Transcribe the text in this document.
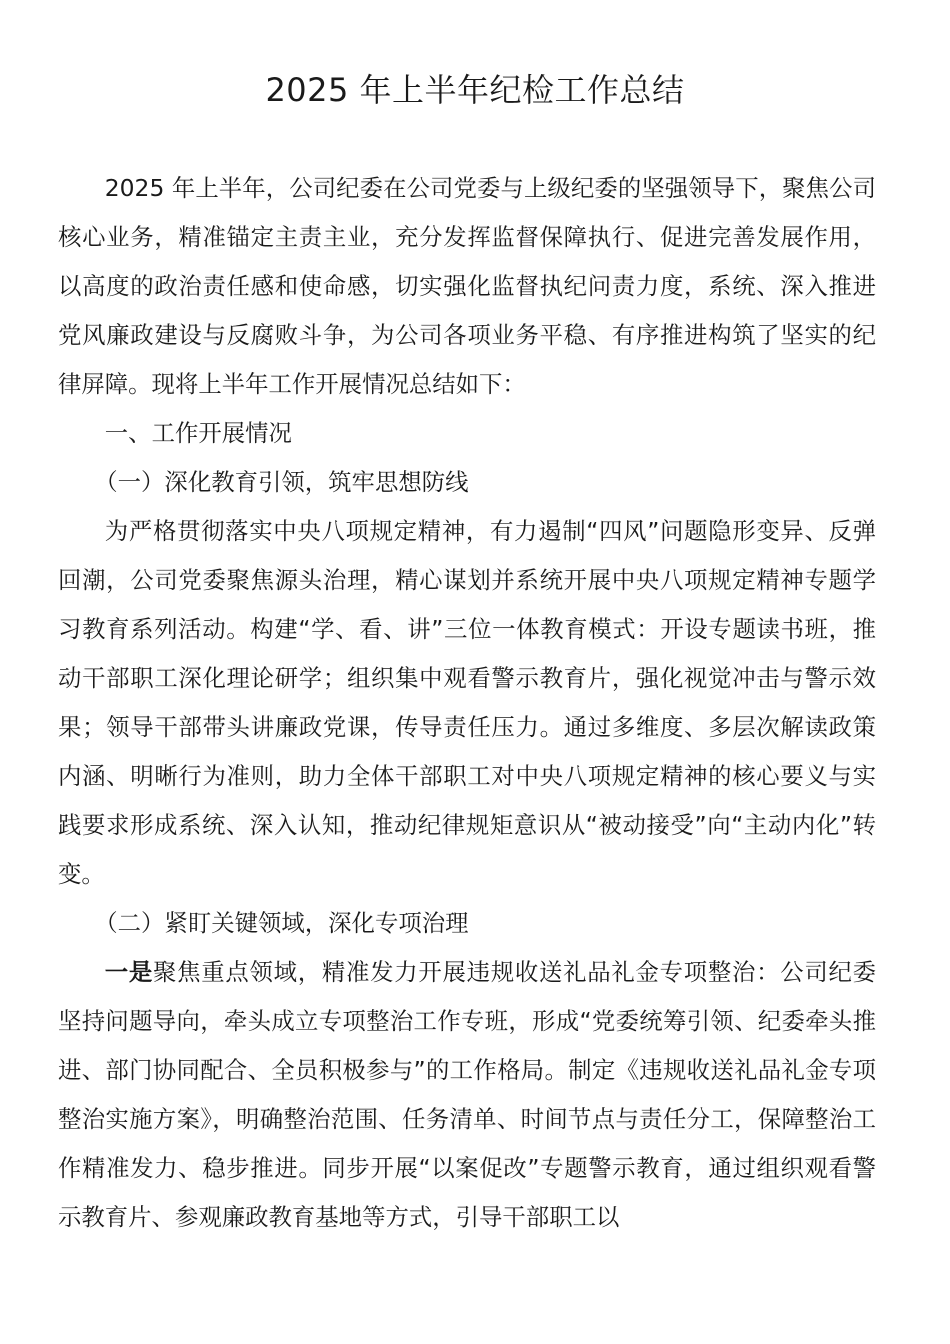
2025 年上半年纪检工作总结

2025 年上半年，公司纪委在公司党委与上级纪委的坚强领导下，聚焦公司核心业务，精准锚定主责主业，充分发挥监督保障执行、促进完善发展作用，以高度的政治责任感和使命感，切实强化监督执纪问责力度，系统、深入推进党风廉政建设与反腐败斗争，为公司各项业务平稳、有序推进构筑了坚实的纪律屏障。现将上半年工作开展情况总结如下：

一、工作开展情况

（一）深化教育引领，筑牢思想防线

为严格贯彻落实中央八项规定精神，有力遏制“四风”问题隐形变异、反弹回潮，公司党委聚焦源头治理，精心谋划并系统开展中央八项规定精神专题学习教育系列活动。构建“学、看、讲”三位一体教育模式：开设专题读书班，推动干部职工深化理论研学；组织集中观看警示教育片，强化视觉冲击与警示效果；领导干部带头讲廉政党课，传导责任压力。通过多维度、多层次解读政策内涵、明晰行为准则，助力全体干部职工对中央八项规定精神的核心要义与实践要求形成系统、深入认知，推动纪律规矩意识从“被动接受”向“主动内化”转变。

（二）紧盯关键领域，深化专项治理

一是聚焦重点领域，精准发力开展违规收送礼品礼金专项整治：公司纪委坚持问题导向，牵头成立专项整治工作专班，形成“党委统筹引领、纪委牵头推进、部门协同配合、全员积极参与”的工作格局。制定《违规收送礼品礼金专项整治实施方案》，明确整治范围、任务清单、时间节点与责任分工，保障整治工作精准发力、稳步推进。同步开展“以案促改”专题警示教育，通过组织观看警示教育片、参观廉政教育基地等方式，引导干部职工以
